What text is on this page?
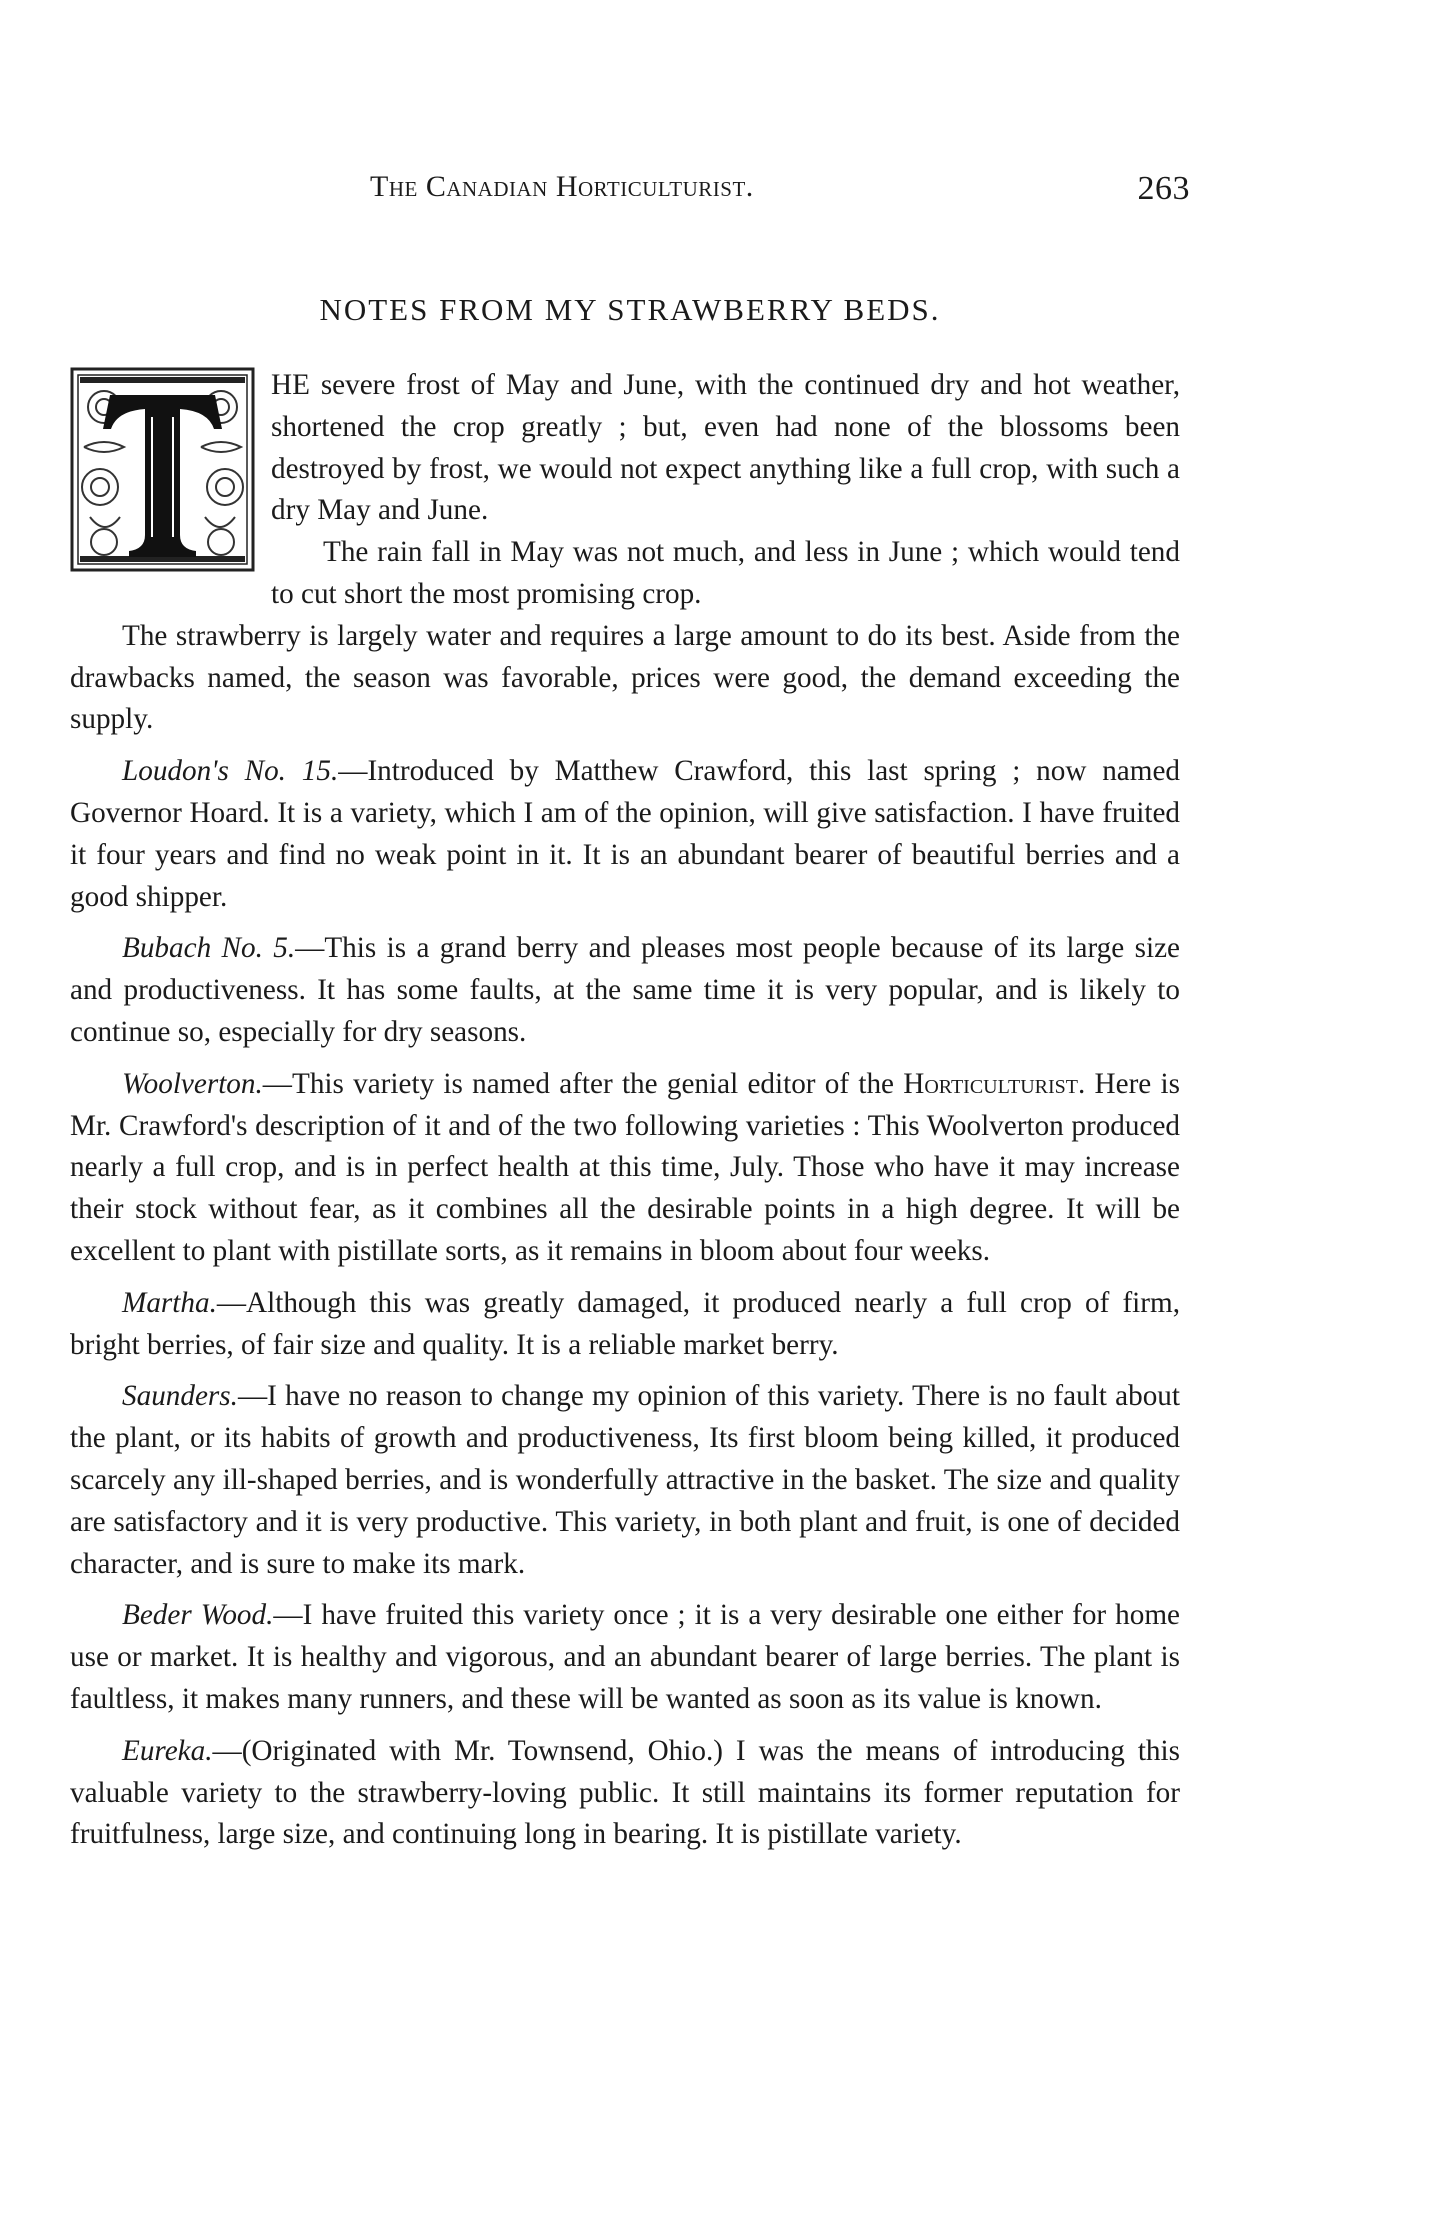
The Canadian Horticulturist.	263
NOTES FROM MY STRAWBERRY BEDS.

HE severe frost of May and June, with the continued dry and hot weather, shortened the crop greatly ; but, even had none of the blossoms been destroyed by frost, we would not expect anything like a full crop, with such a dry May and June.

The rain fall in May was not much, and less in June ; which would tend to cut short the most promising crop.

The strawberry is largely water and requires a large amount to do its best. Aside from the drawbacks named, the season was favorable, prices were good, the demand exceeding the supply.

Loudon's No. 15.—Introduced by Matthew Crawford, this last spring ; now named Governor Hoard. It is a variety, which I am of the opinion, will give satisfaction. I have fruited it four years and find no weak point in it. It is an abundant bearer of beautiful berries and a good shipper.

Bubach No. 5.—This is a grand berry and pleases most people because of its large size and productiveness. It has some faults, at the same time it is very popular, and is likely to continue so, especially for dry seasons.

Woolverton.—This variety is named after the genial editor of the Horticulturist. Here is Mr. Crawford's description of it and of the two following varieties : This Woolverton produced nearly a full crop, and is in perfect health at this time, July. Those who have it may increase their stock without fear, as it combines all the desirable points in a high degree. It will be excellent to plant with pistillate sorts, as it remains in bloom about four weeks.

Martha.—Although this was greatly damaged, it produced nearly a full crop of firm, bright berries, of fair size and quality. It is a reliable market berry.

Saunders.—I have no reason to change my opinion of this variety. There is no fault about the plant, or its habits of growth and productiveness, Its first bloom being killed, it produced scarcely any ill-shaped berries, and is wonderfully attractive in the basket. The size and quality are satisfactory and it is very productive. This variety, in both plant and fruit, is one of decided character, and is sure to make its mark.

Beder Wood.—I have fruited this variety once ; it is a very desirable one either for home use or market. It is healthy and vigorous, and an abundant bearer of large berries. The plant is faultless, it makes many runners, and these will be wanted as soon as its value is known.

Eureka.—(Originated with Mr. Townsend, Ohio.) I was the means of introducing this valuable variety to the strawberry-loving public. It still maintains its former reputation for fruitfulness, large size, and continuing long in bearing. It is pistillate variety.
